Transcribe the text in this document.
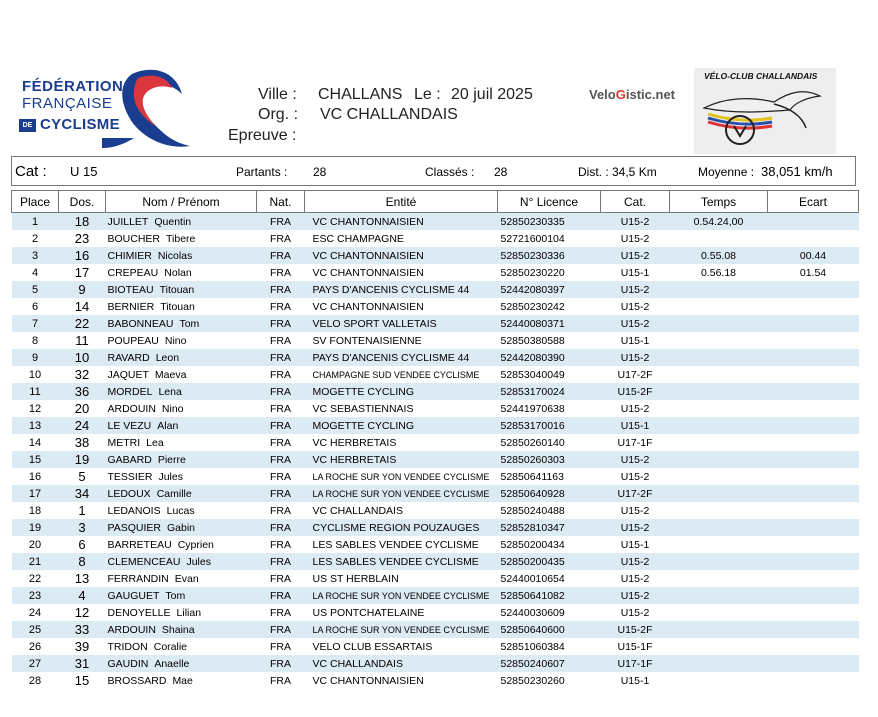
FÉDÉRATION
FRANÇAISE
DE CYCLISME
Ville : CHALLANS Le : 20 juil 2025
Org. : VC CHALLANDAIS
Epreuve :
VeloGistic.net
VÉLO-CLUB CHALLANDAIS
Cat : U 15	Partants : 28	Classés : 28	Dist. : 34,5 Km	Moyenne : 38,051 km/h
Place	Dos.	Nom / Prénom	Nat.	Entité	N° Licence	Cat.	Temps	Ecart
1	18	JUILLET Quentin	FRA	VC CHANTONNAISIEN	52850230335	U15-2	0.54.24,00	
2	23	BOUCHER Tibere	FRA	ESC CHAMPAGNE	52721600104	U15-2		
3	16	CHIMIER Nicolas	FRA	VC CHANTONNAISIEN	52850230336	U15-2	0.55.08	00.44
4	17	CREPEAU Nolan	FRA	VC CHANTONNAISIEN	52850230220	U15-1	0.56.18	01.54
5	9	BIOTEAU Titouan	FRA	PAYS D'ANCENIS CYCLISME 44	52442080397	U15-2		
6	14	BERNIER Titouan	FRA	VC CHANTONNAISIEN	52850230242	U15-2		
7	22	BABONNEAU Tom	FRA	VELO SPORT VALLETAIS	52440080371	U15-2		
8	11	POUPEAU Nino	FRA	SV FONTENAISIENNE	52850380588	U15-1		
9	10	RAVARD Leon	FRA	PAYS D'ANCENIS CYCLISME 44	52442080390	U15-2		
10	32	JAQUET Maeva	FRA	CHAMPAGNE SUD VENDEE CYCLISME	52853040049	U17-2F		
11	36	MORDEL Lena	FRA	MOGETTE CYCLING	52853170024	U15-2F		
12	20	ARDOUIN Nino	FRA	VC SEBASTIENNAIS	52441970638	U15-2		
13	24	LE VEZU Alan	FRA	MOGETTE CYCLING	52853170016	U15-1		
14	38	METRI Lea	FRA	VC HERBRETAIS	52850260140	U17-1F		
15	19	GABARD Pierre	FRA	VC HERBRETAIS	52850260303	U15-2		
16	5	TESSIER Jules	FRA	LA ROCHE SUR YON VENDEE CYCLISME	52850641163	U15-2		
17	34	LEDOUX Camille	FRA	LA ROCHE SUR YON VENDEE CYCLISME	52850640928	U17-2F		
18	1	LEDANOIS Lucas	FRA	VC CHALLANDAIS	52850240488	U15-2		
19	3	PASQUIER Gabin	FRA	CYCLISME REGION POUZAUGES	52852810347	U15-2		
20	6	BARRETEAU Cyprien	FRA	LES SABLES VENDEE CYCLISME	52850200434	U15-1		
21	8	CLEMENCEAU Jules	FRA	LES SABLES VENDEE CYCLISME	52850200435	U15-2		
22	13	FERRANDIN Evan	FRA	US ST HERBLAIN	52440010654	U15-2		
23	4	GAUGUET Tom	FRA	LA ROCHE SUR YON VENDEE CYCLISME	52850641082	U15-2		
24	12	DENOYELLE Lilian	FRA	US PONTCHATELAINE	52440030609	U15-2		
25	33	ARDOUIN Shaina	FRA	LA ROCHE SUR YON VENDEE CYCLISME	52850640600	U15-2F		
26	39	TRIDON Coralie	FRA	VELO CLUB ESSARTAIS	52851060384	U15-1F		
27	31	GAUDIN Anaelle	FRA	VC CHALLANDAIS	52850240607	U17-1F		
28	15	BROSSARD Mae	FRA	VC CHANTONNAISIEN	52850230260	U15-1		
